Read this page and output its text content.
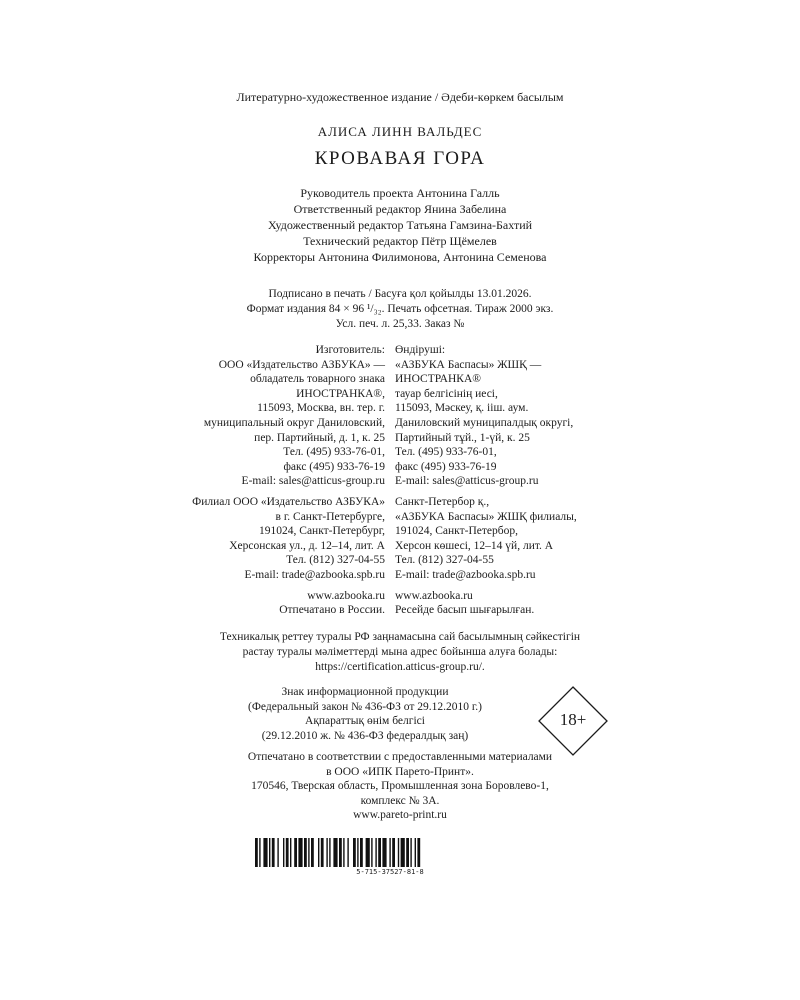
Литературно-художественное издание / Әдеби-көркем басылым
АЛИСА ЛИНН ВАЛЬДЕС
КРОВАВАЯ ГОРА
Руководитель проекта Антонина Галль
Ответственный редактор Янина Забелина
Художественный редактор Татьяна Гамзина-Бахтий
Технический редактор Пётр Щёмелев
Корректоры Антонина Филимонова, Антонина Семенова
Подписано в печать / Басуға қол қойылды 13.01.2026.
Формат издания 84 × 96 ¹/₃₂. Печать офсетная. Тираж 2000 экз.
Усл. печ. л. 25,33. Заказ №
Изготовитель:
ООО «Издательство АЗБУКА» —
обладатель товарного знака
ИНОСТРАНКА®,
115093, Москва, вн. тер. г.
муниципальный округ Даниловский,
пер. Партийный, д. 1, к. 25
Тел. (495) 933-76-01,
факс (495) 933-76-19
E-mail: sales@atticus-group.ru
Филиал ООО «Издательство АЗБУКА»
в г. Санкт-Петербурге,
191024, Санкт-Петербург,
Херсонская ул., д. 12–14, лит. А
Тел. (812) 327-04-55
E-mail: trade@azbooka.spb.ru
www.azbooka.ru
Отпечатано в России.
Өндіруші:
«АЗБУКА Баспасы» ЖШҚ —
ИНОСТРАНКА®
тауар белгісінің иесі,
115093, Мәскеу, қ. ііш. аум.
Даниловский муниципалдық округі,
Партийный тұй., 1-үй, к. 25
Тел. (495) 933-76-01,
факс (495) 933-76-19
E-mail: sales@atticus-group.ru
Санкт-Петербор қ.,
«АЗБУКА Баспасы» ЖШҚ филиалы,
191024, Санкт-Петербор,
Херсон көшесі, 12–14 үй, лит. А
Тел. (812) 327-04-55
E-mail: trade@azbooka.spb.ru
www.azbooka.ru
Ресейде басып шығарылған.
Техникалық реттеу туралы РФ заңнамасына сай басылымның сәйкестігін
растау туралы мәліметтерді мына адрес бойынша алуға болады:
https://certification.atticus-group.ru/.
Знак информационной продукции
(Федеральный закон № 436-ФЗ от 29.12.2010 г.)
Ақпараттық өнім белгісі
(29.12.2010 ж. № 436-ФЗ федералдық заң)
18+
Отпечатано в соответствии с предоставленными материалами
в ООО «ИПК Парето-Принт».
170546, Тверская область, Промышленная зона Боровлево-1,
комплекс № 3А.
www.pareto-print.ru
5-715-37527-81-8
